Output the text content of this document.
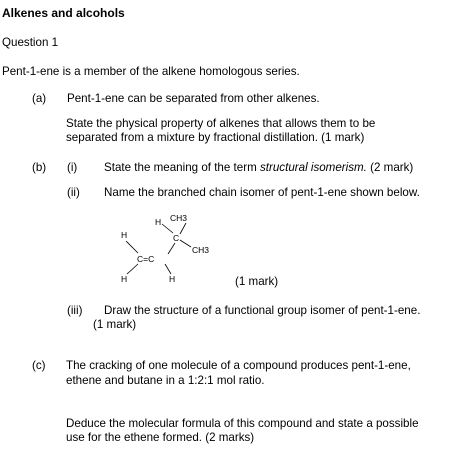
Alkenes and alcohols
Question 1
Pent-1-ene is a member of the alkene homologous series.
(a) Pent-1-ene can be separated from other alkenes.
State the physical property of alkenes that allows them to be
separated from a mixture by fractional distillation. (1 mark)
(b) (i) State the meaning of the term structural isomerism. (2 mark)
(ii) Name the branched chain isomer of pent-1-ene shown below.
H CH3
H	C
CH3
C=C
H	H	(1 mark)
(iii) Draw the structure of a functional group isomer of pent-1-ene.
(1 mark)
(c) The cracking of one molecule of a compound produces pent-1-ene,
ethene and butane in a 1:2:1 mol ratio.
Deduce the molecular formula of this compound and state a possible
use for the ethene formed. (2 marks)
